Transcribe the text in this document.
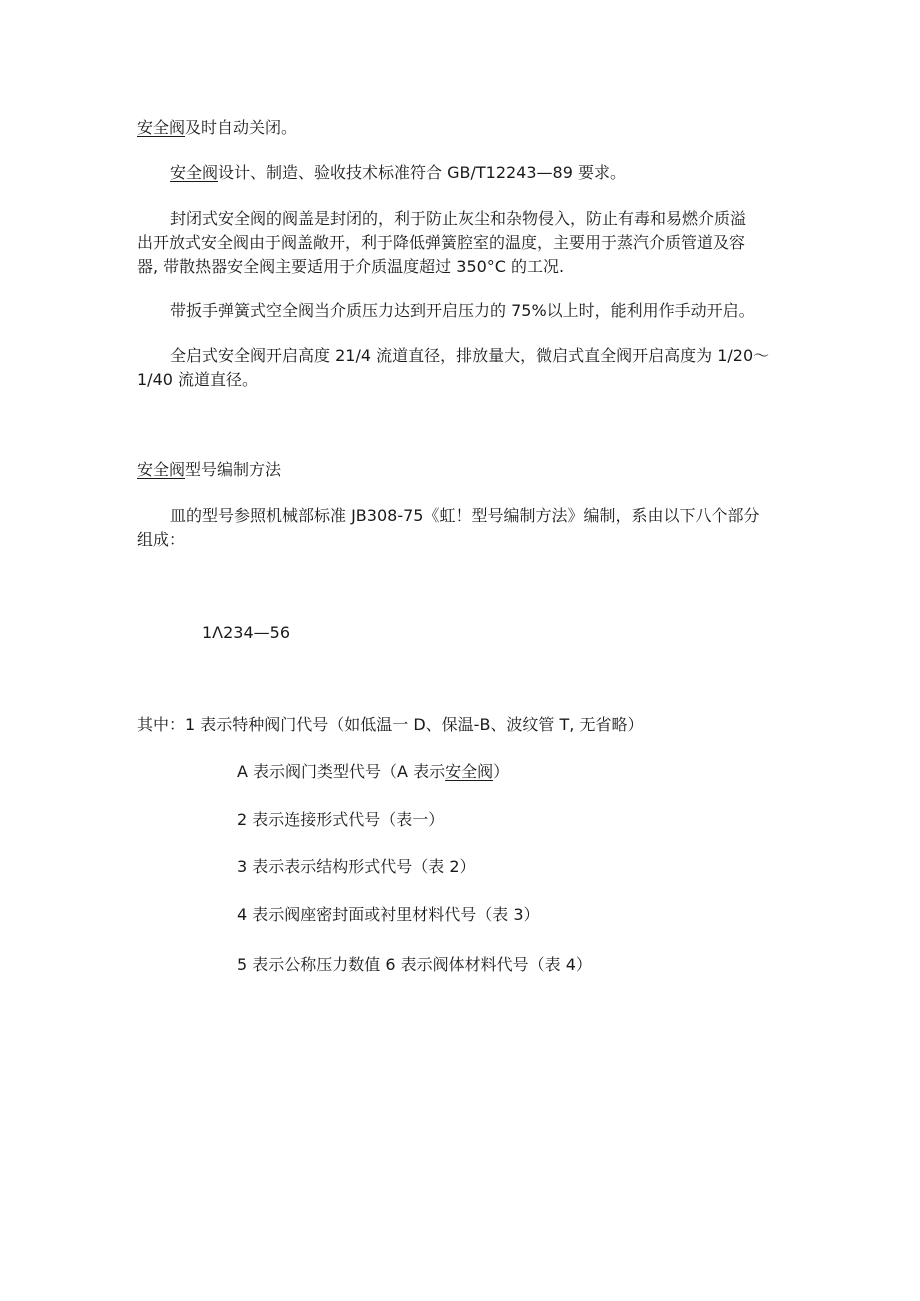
安全阀及时自动关闭。
安全阀设计、制造、验收技术标准符合 GB/T12243—89 要求。
封闭式安全阀的阀盖是封闭的，利于防止灰尘和杂物侵入，防止有毒和易燃介质溢
出开放式安全阀由于阀盖敞开，利于降低弹簧腔室的温度，主要用于蒸汽介质管道及容
器, 带散热器安全阀主要适用于介质温度超过 350°C 的工况.
带扳手弹簧式空全阀当介质压力达到开启压力的 75%以上时，能利用作手动开启。
全启式安全阀开启高度 21/4 流道直径，排放量大，微启式直全阀开启高度为 1/20～
1/40 流道直径。
安全阀型号编制方法
皿的型号参照机械部标准 JB308-75《虹！型号编制方法》编制，系由以下八个部分
组成：
1Λ234—56
其中：1 表示特种阀门代号（如低温一 D、保温-B、波纹管 T, 无省略）
A 表示阀门类型代号（A 表示安全阀）
2 表示连接形式代号（表一）
3 表示表示结构形式代号（表 2）
4 表示阀座密封面或衬里材料代号（表 3）
5 表示公称压力数值 6 表示阀体材料代号（表 4）
